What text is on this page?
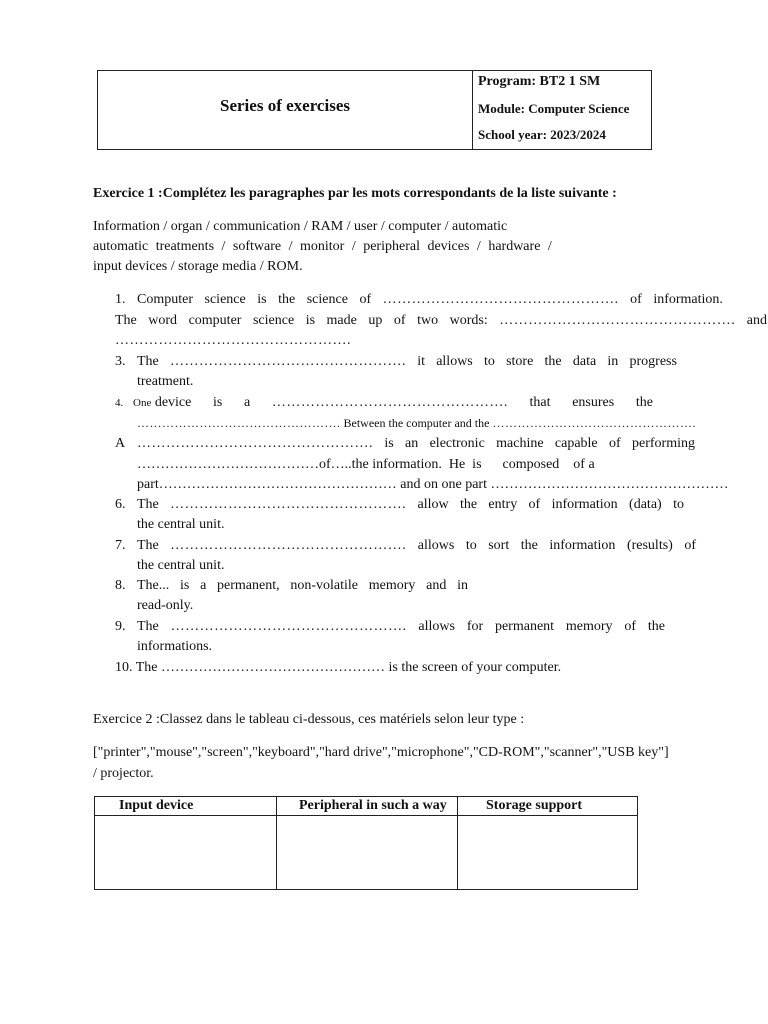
Series of exercises
Program: BT2 1 SM
Module: Computer Science
School year: 2023/2024
Exercice 1 :Complétez les paragraphes par les mots correspondants de la liste suivante :
Information / organ / communication / RAM / user / computer / automatic
automatic treatments / software / monitor / peripheral devices / hardware /
input devices / storage media / ROM.
1. Computer science is the science of …………………………………………. of information.
The word computer science is made up of two words: …………………………………………. and
………………………………………….
3. The …………………………………………. it allows to store the data in progress
treatment.
4. One device is a …………………………………………. that ensures the
…………………………………………. Between the computer and the ………………………………………….
A …………………………………………. is an electronic machine capable of performing
…………………………………of…..the information.  He  is      composed    of a
part…………………………………………… and on one part ……………………………………………
6. The …………………………………………. allow the entry of information (data) to
the central unit.
7. The …………………………………………. allows to sort the information (results) of
the central unit.
8. The... is a permanent, non-volatile memory and in
read-only.
9. The …………………………………………. allows for permanent memory of the
informations.
10. The ………………………………………… is the screen of your computer.
Exercice 2 :Classez dans le tableau ci-dessous, ces matériels selon leur type :
["printer","mouse","screen","keyboard","hard drive","microphone","CD-ROM","scanner","USB key"]
/ projector.
Input device	Peripheral in such a way	Storage support
